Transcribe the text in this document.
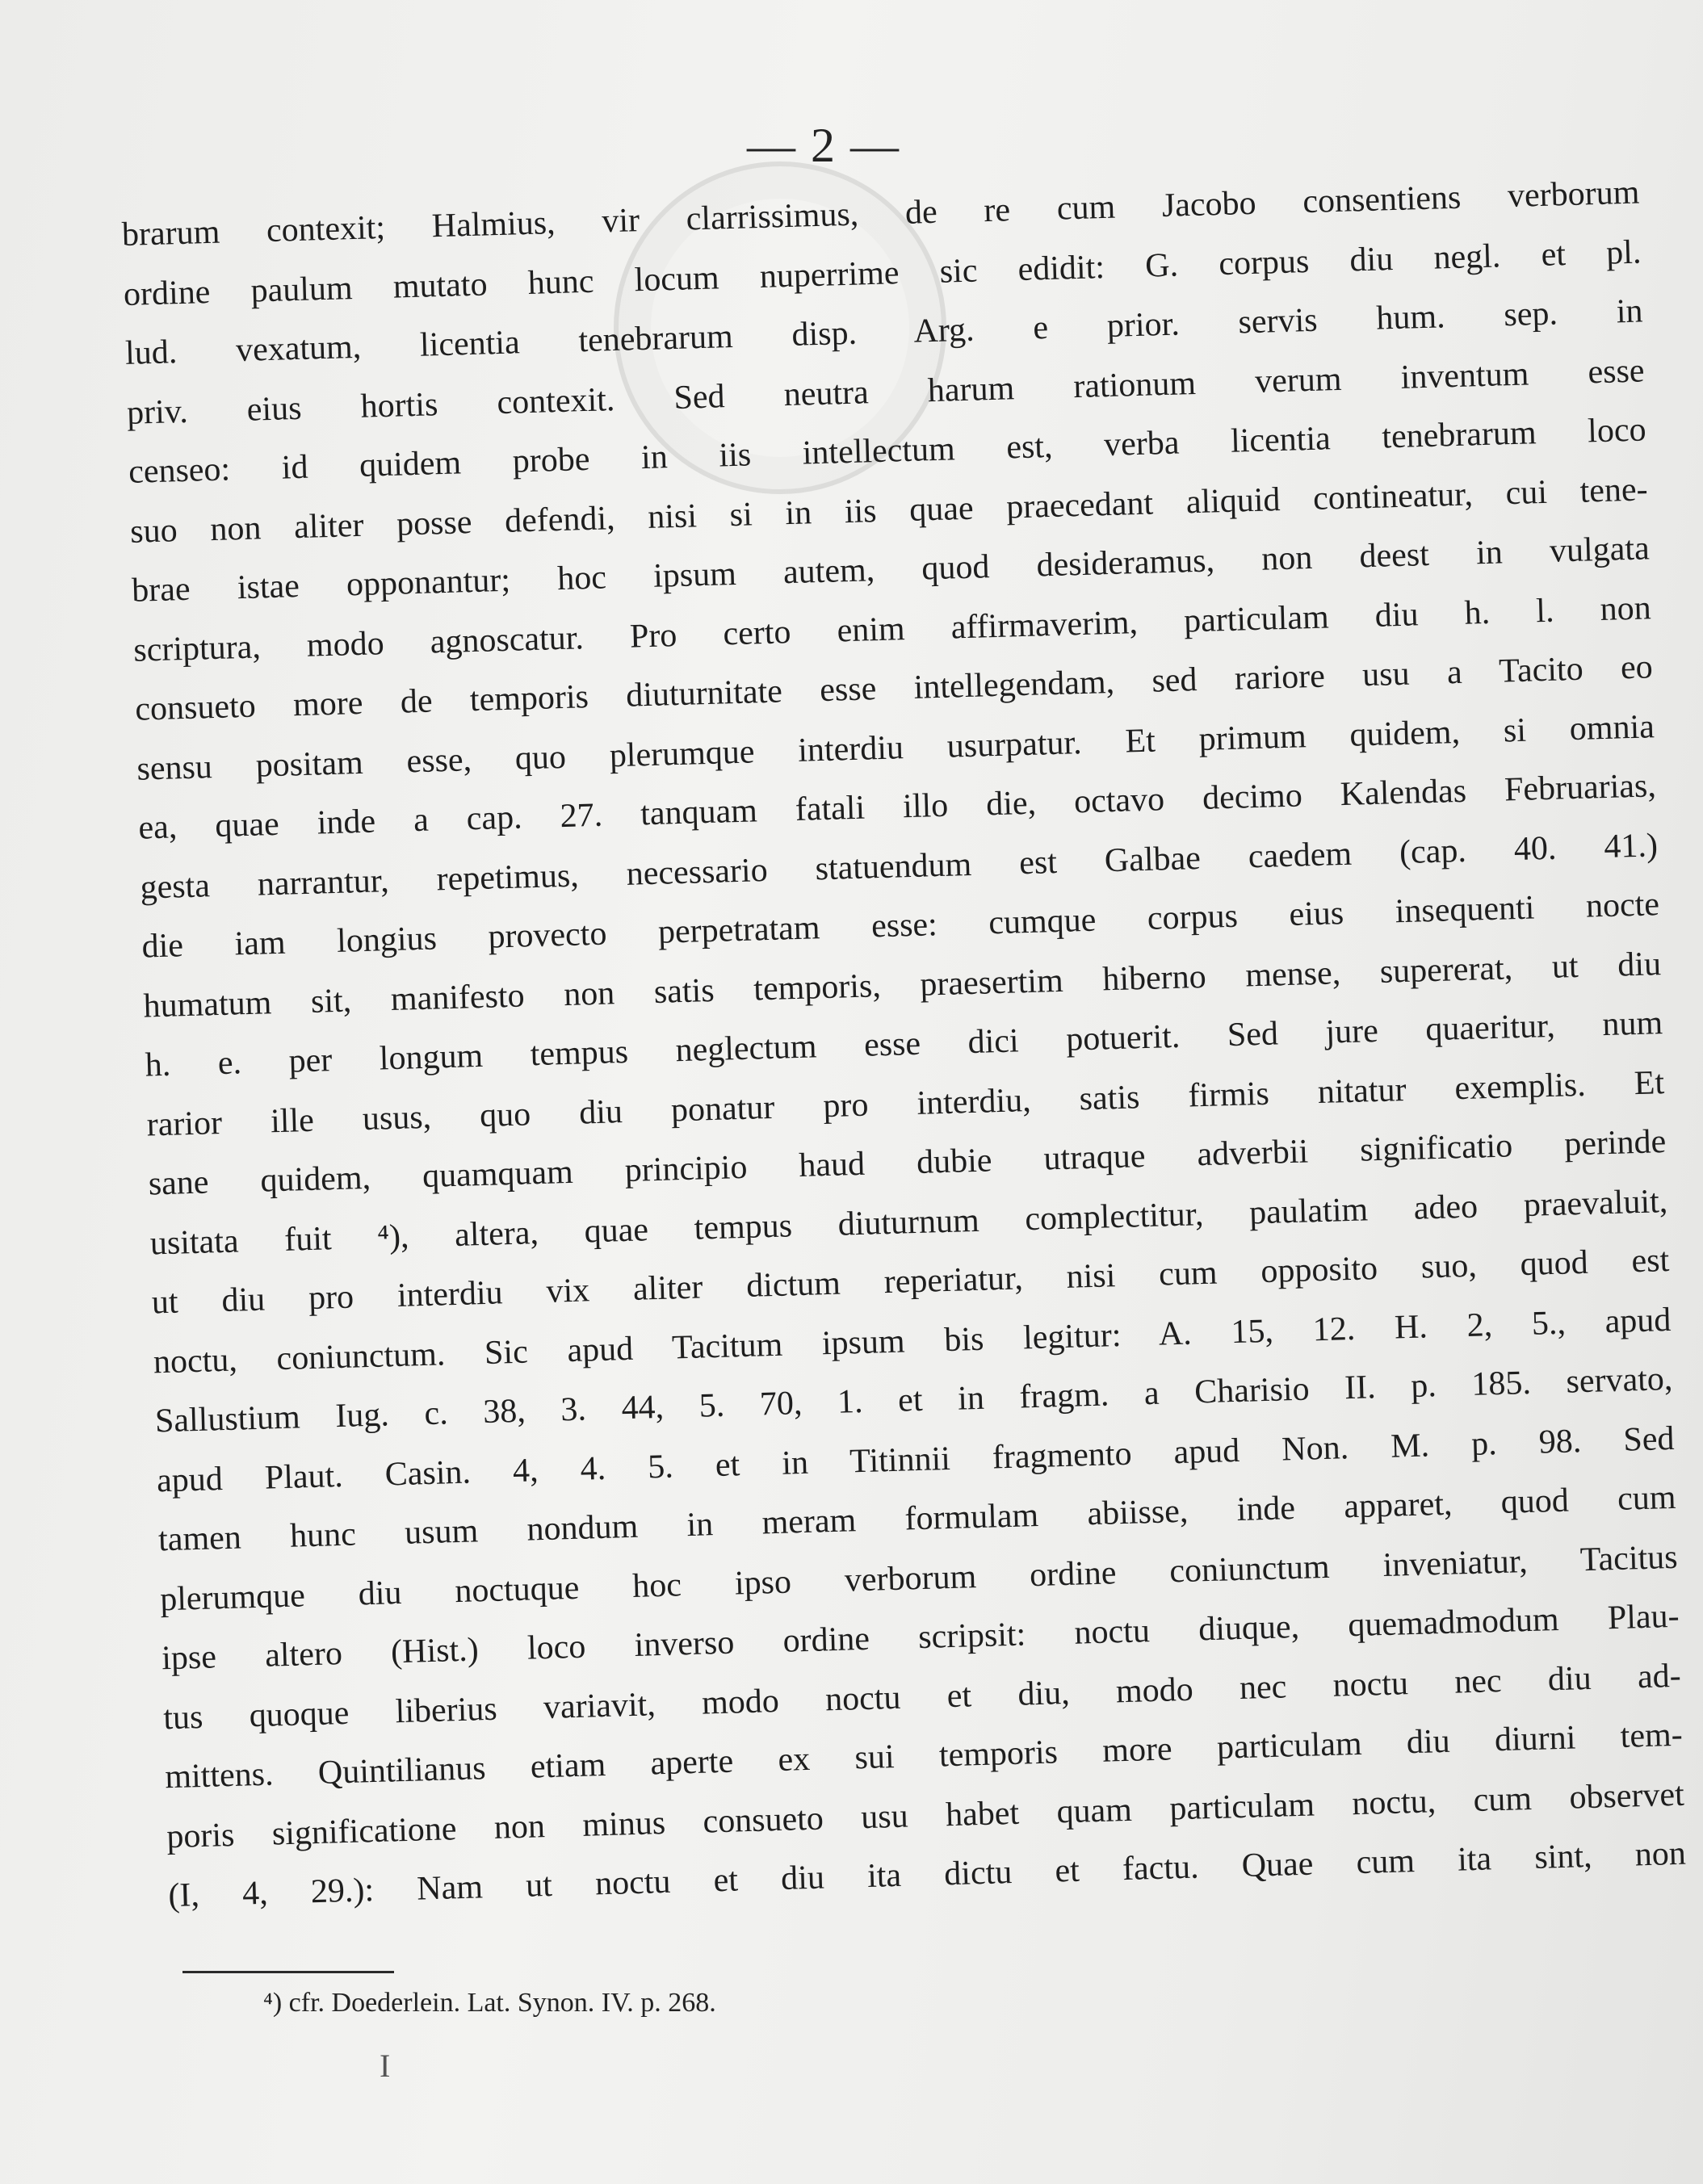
— 2 —
brarum contexit; Halmius, vir clarrissimus, de re cum Jacobo consentiens verborum
ordine paulum mutato hunc locum nuperrime sic edidit: G. corpus diu negl. et pl.
lud. vexatum, licentia tenebrarum disp. Arg. e prior. servis hum. sep. in
priv. eius hortis contexit. Sed neutra harum rationum verum inventum esse
censeo: id quidem probe in iis intellectum est, verba licentia tenebrarum loco
suo non aliter posse defendi, nisi si in iis quae praecedant aliquid contineatur, cui tene-
brae istae opponantur; hoc ipsum autem, quod desideramus, non deest in vulgata
scriptura, modo agnoscatur. Pro certo enim affirmaverim, particulam diu h. l. non
consueto more de temporis diuturnitate esse intellegendam, sed rariore usu a Tacito eo
sensu positam esse, quo plerumque interdiu usurpatur. Et primum quidem, si omnia
ea, quae inde a cap. 27. tanquam fatali illo die, octavo decimo Kalendas Februarias,
gesta narrantur, repetimus, necessario statuendum est Galbae caedem (cap. 40. 41.)
die iam longius provecto perpetratam esse: cumque corpus eius insequenti nocte
humatum sit, manifesto non satis temporis, praesertim hiberno mense, supererat, ut diu
h. e. per longum tempus neglectum esse dici potuerit. Sed jure quaeritur, num
rarior ille usus, quo diu ponatur pro interdiu, satis firmis nitatur exemplis. Et
sane quidem, quamquam principio haud dubie utraque adverbii significatio perinde
usitata fuit ⁴), altera, quae tempus diuturnum complectitur, paulatim adeo praevaluit,
ut diu pro interdiu vix aliter dictum reperiatur, nisi cum opposito suo, quod est
noctu, coniunctum. Sic apud Tacitum ipsum bis legitur: A. 15, 12. H. 2, 5., apud
Sallustium Iug. c. 38, 3. 44, 5. 70, 1. et in fragm. a Charisio II. p. 185. servato,
apud Plaut. Casin. 4, 4. 5. et in Titinnii fragmento apud Non. M. p. 98. Sed
tamen hunc usum nondum in meram formulam abiisse, inde apparet, quod cum
plerumque diu noctuque hoc ipso verborum ordine coniunctum inveniatur, Tacitus
ipse altero (Hist.) loco inverso ordine scripsit: noctu diuque, quemadmodum Plau-
tus quoque liberius variavit, modo noctu et diu, modo nec noctu nec diu ad-
mittens. Quintilianus etiam aperte ex sui temporis more particulam diu diurni tem-
poris significatione non minus consueto usu habet quam particulam noctu, cum observet
(I, 4, 29.): Nam ut noctu et diu ita dictu et factu. Quae cum ita sint, non
⁴) cfr. Doederlein. Lat. Synon. IV. p. 268.
I
